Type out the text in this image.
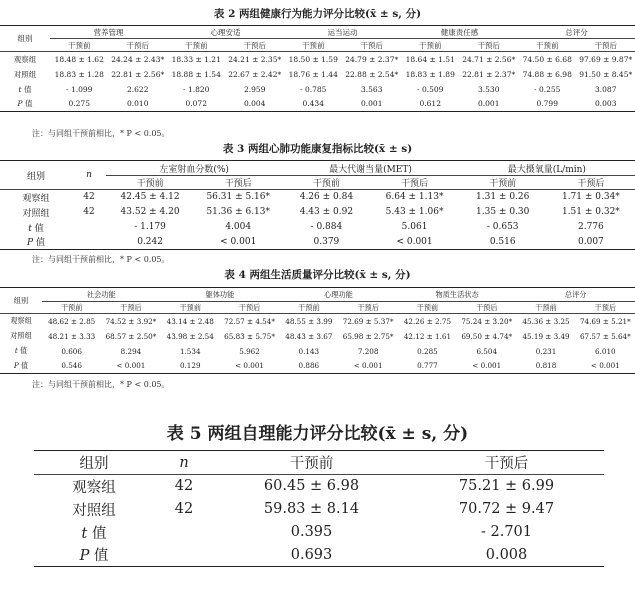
表 2 两组健康行为能力评分比较(x̄ ± s, 分)
组别	营养管理		心理安适		运当运动		健康责任感		总评分	
	干预前	干预后	干预前	干预后	干预前	干预后	干预前	干预后	干预前	干预后
观察组	18.48 ± 1.62	24.24 ± 2.43*	18.33 ± 1.21	24.21 ± 2.35*	18.50 ± 1.59	24.79 ± 2.37*	18.64 ± 1.51	24.71 ± 2.56*	74.50 ± 6.68	97.69 ± 9.87*
对照组	18.83 ± 1.28	22.81 ± 2.56*	18.88 ± 1.54	22.67 ± 2.42*	18.76 ± 1.44	22.88 ± 2.54*	18.83 ± 1.89	22.81 ± 2.37*	74.88 ± 6.98	91.50 ± 8.45*
t 值	- 1.099	2.622	- 1.820	2.959	- 0.785	3.563	- 0.509	3.530	- 0.255	3.087
P 值	0.275	0.010	0.072	0.004	0.434	0.001	0.612	0.001	0.799	0.003
注：与同组干预前相比，* P < 0.05。
表 3 两组心肺功能康复指标比较(x̄ ± s)
组别	n	左室射血分数(%)		最大代谢当量(MET)		最大摄氧量(L/min)	
		干预前	干预后	干预前	干预后	干预前	干预后
观察组	42	42.45 ± 4.12	56.31 ± 5.16*	4.26 ± 0.84	6.64 ± 1.13*	1.31 ± 0.26	1.71 ± 0.34*
对照组	42	43.52 ± 4.20	51.36 ± 6.13*	4.43 ± 0.92	5.43 ± 1.06*	1.35 ± 0.30	1.51 ± 0.32*
t 值		- 1.179	4.004	- 0.884	5.061	- 0.653	2.776
P 值		0.242	< 0.001	0.379	< 0.001	0.516	0.007
注：与同组干预前相比，* P < 0.05。
表 4 两组生活质量评分比较(x̄ ± s, 分)
组别	社会功能		躯体功能		心理功能		物质生活状态		总评分	
	干预前	干预后	干预前	干预后	干预前	干预后	干预前	干预后	干预前	干预后
观察组	48.62 ± 2.85	74.52 ± 3.92*	43.14 ± 2.48	72.57 ± 4.54*	48.55 ± 3.99	72.69 ± 5.37*	42.26 ± 2.75	75.24 ± 3.20*	45.36 ± 3.25	74.69 ± 5.21*
对照组	48.21 ± 3.33	68.57 ± 2.50*	43.98 ± 2.54	65.83 ± 5.75*	48.43 ± 3.67	65.98 ± 2.75*	42.12 ± 1.61	69.50 ± 4.74*	45.19 ± 3.49	67.57 ± 5.64*
t 值	0.606	8.294	1.534	5.962	0.143	7.208	0.285	6.504	0.231	6.010
P 值	0.546	< 0.001	0.129	< 0.001	0.886	< 0.001	0.777	< 0.001	0.818	< 0.001
注：与同组干预前相比，* P < 0.05。
表 5 两组自理能力评分比较(x̄ ± s, 分)
组别	n	干预前	干预后
观察组	42	60.45 ± 6.98	75.21 ± 6.99
对照组	42	59.83 ± 8.14	70.72 ± 9.47
t 值		0.395	- 2.701
P 值		0.693	0.008
